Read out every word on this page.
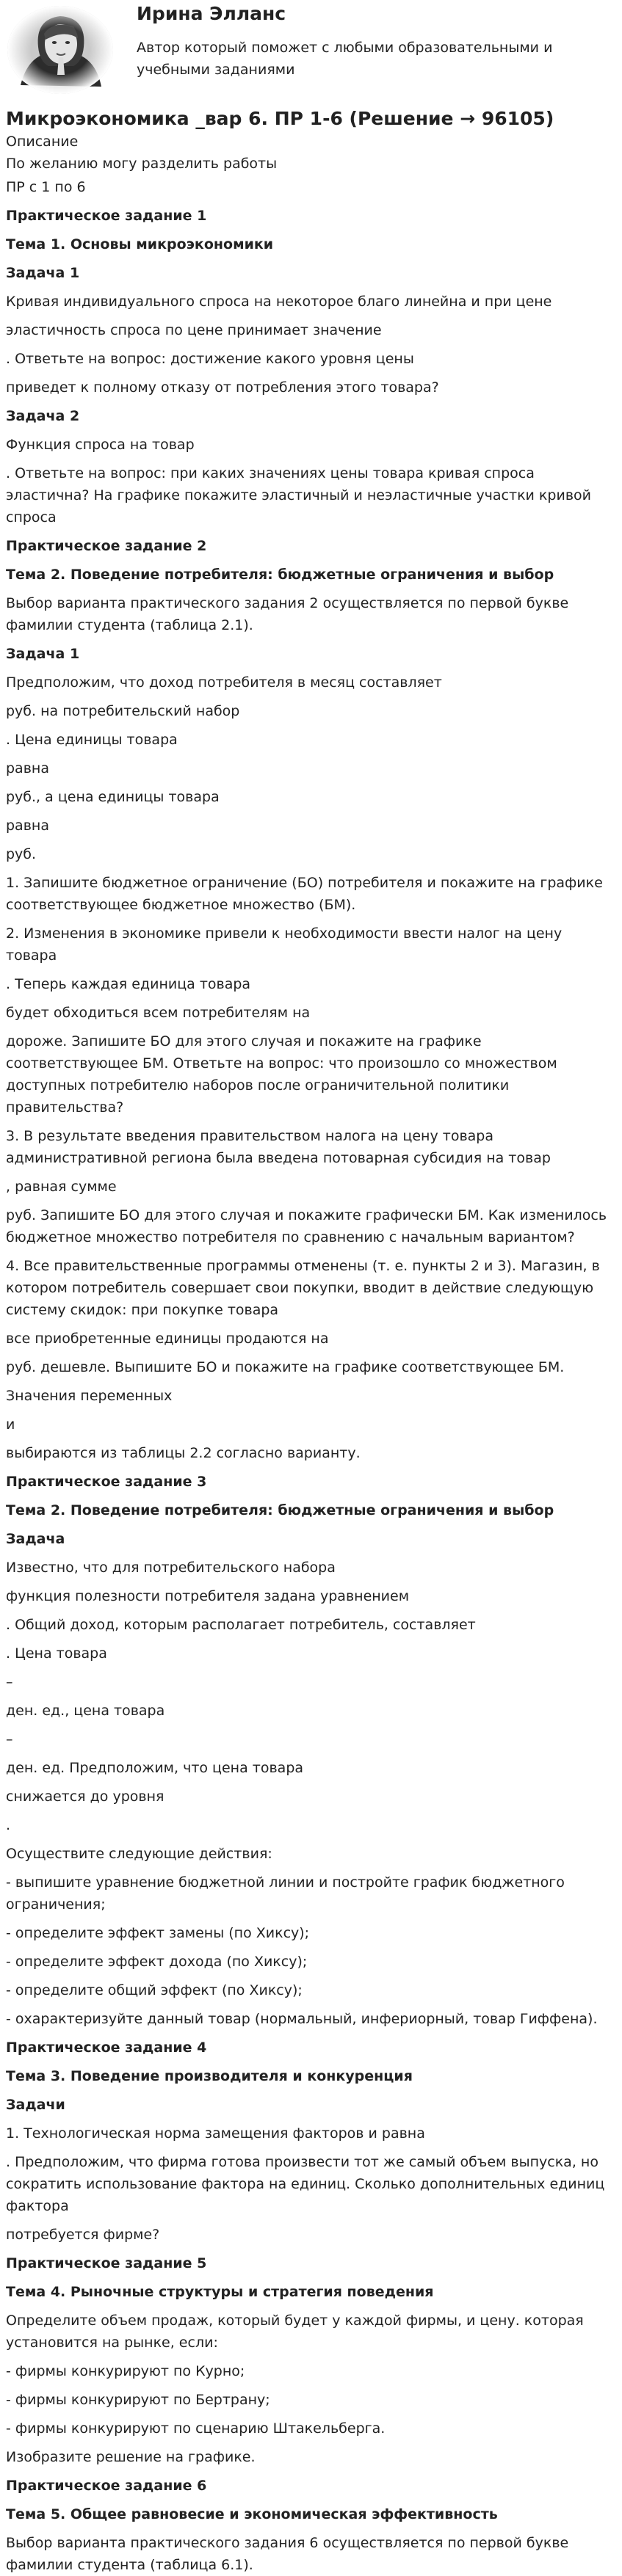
Ирина Элланс
Автор который поможет с любыми образовательными и учебными заданиями
Микроэкономика _вар 6. ПР 1-6 (Решение → 96105)
Описание

По желанию могу разделить работы

ПР с 1 по 6

Практическое задание 1

Тема 1. Основы микроэкономики

Задача 1

Кривая индивидуального спроса на некоторое благо линейна и при цене

эластичность спроса по цене принимает значение

. Ответьте на вопрос: достижение какого уровня цены

приведет к полному отказу от потребления этого товара?

Задача 2

Функция спроса на товар

. Ответьте на вопрос: при каких значениях цены товара кривая спроса эластична? На графике покажите эластичный и неэластичные участки кривой спроса

Практическое задание 2

Тема 2. Поведение потребителя: бюджетные ограничения и выбор

Выбор варианта практического задания 2 осуществляется по первой букве фамилии студента (таблица 2.1).

Задача 1

Предположим, что доход потребителя в месяц составляет

руб. на потребительский набор

. Цена единицы товара

равна

руб., а цена единицы товара

равна

руб.

1. Запишите бюджетное ограничение (БО) потребителя и покажите на графике соответствующее бюджетное множество (БМ).

2. Изменения в экономике привели к необходимости ввести налог на цену товара

. Теперь каждая единица товара

будет обходиться всем потребителям на

дороже. Запишите БО для этого случая и покажите на графике соответствующее БМ. Ответьте на вопрос: что произошло со множеством доступных потребителю наборов после ограничительной политики правительства?

3. В результате введения правительством налога на цену товара административной региона была введена потоварная субсидия на товар

, равная сумме

руб. Запишите БО для этого случая и покажите графически БМ. Как изменилось бюджетное множество потребителя по сравнению с начальным вариантом?

4. Все правительственные программы отменены (т. е. пункты 2 и 3). Магазин, в котором потребитель совершает свои покупки, вводит в действие следующую систему скидок: при покупке товара

все приобретенные единицы продаются на

руб. дешевле. Выпишите БО и покажите на графике соответствующее БМ.

Значения переменных

и

выбираются из таблицы 2.2 согласно варианту.

Практическое задание 3

Тема 2. Поведение потребителя: бюджетные ограничения и выбор

Задача

Известно, что для потребительского набора

функция полезности потребителя задана уравнением

. Общий доход, которым располагает потребитель, составляет

. Цена товара

–

ден. ед., цена товара

–

ден. ед. Предположим, что цена товара

снижается до уровня

.

Осуществите следующие действия:

- выпишите уравнение бюджетной линии и постройте график бюджетного ограничения;

- определите эффект замены (по Хиксу);

- определите эффект дохода (по Хиксу);

- определите общий эффект (по Хиксу);

- охарактеризуйте данный товар (нормальный, инфериорный, товар Гиффена).

Практическое задание 4

Тема 3. Поведение производителя и конкуренция

Задачи

1. Технологическая норма замещения факторов и равна

. Предположим, что фирма готова произвести тот же самый объем выпуска, но сократить использование фактора на единиц. Сколько дополнительных единиц фактора

потребуется фирме?

Практическое задание 5

Тема 4. Рыночные структуры и стратегия поведения

Определите объем продаж, который будет у каждой фирмы, и цену. которая установится на рынке, если:

- фирмы конкурируют по Курно;

- фирмы конкурируют по Бертрану;

- фирмы конкурируют по сценарию Штакельберга.

Изобразите решение на графике.

Практическое задание 6

Тема 5. Общее равновесие и экономическая эффективность

Выбор варианта практического задания 6 осуществляется по первой букве фамилии студента (таблица 6.1).
